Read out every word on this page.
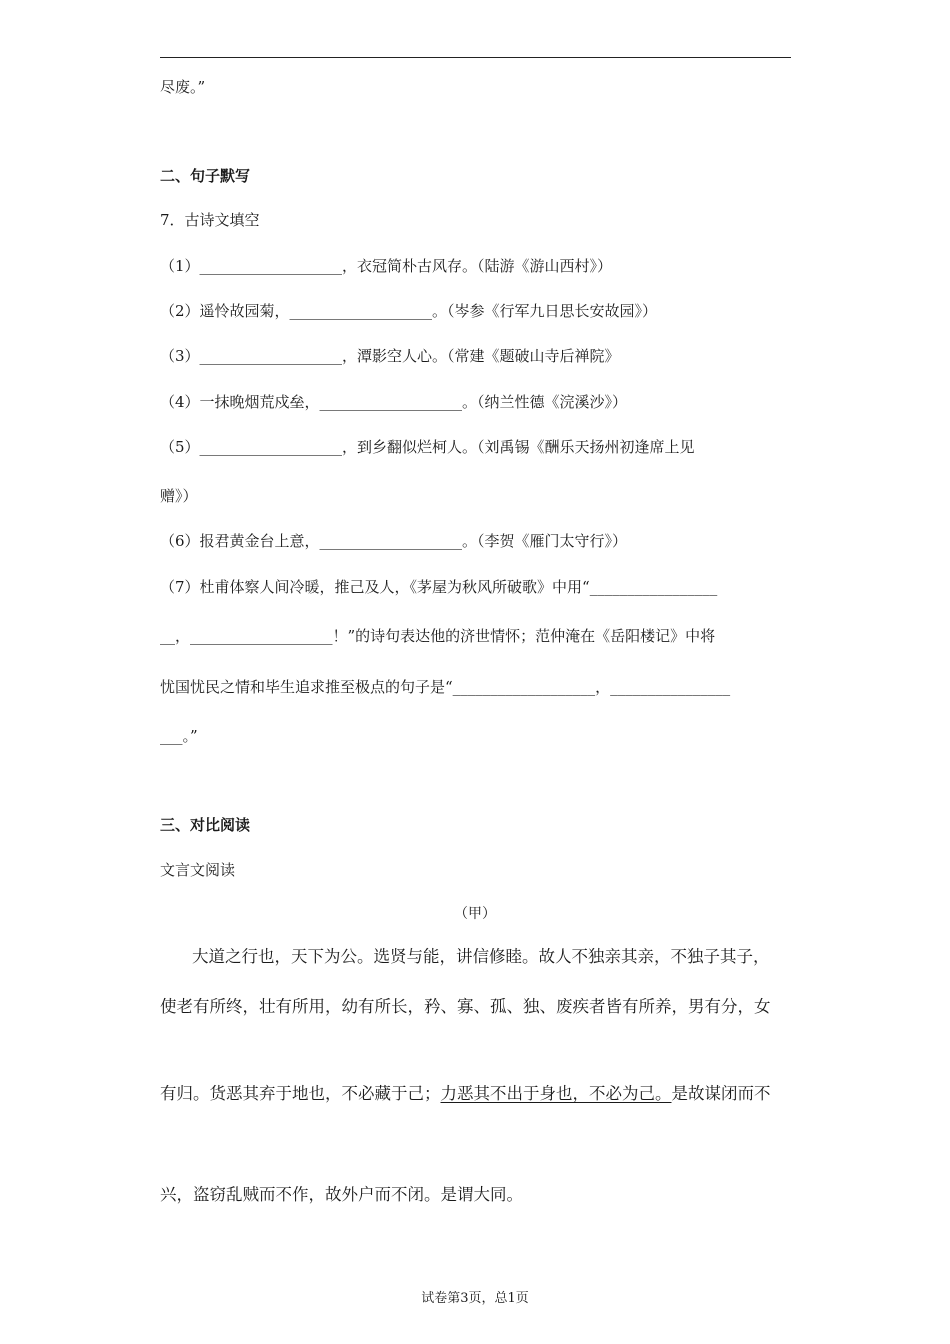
尽废。”
二、句子默写
7．古诗文填空
（1）___________________，衣冠简朴古风存。（陆游《游山西村》）
（2）遥怜故园菊，___________________。（岑参《行军九日思长安故园》）
（3）___________________，潭影空人心。（常建《题破山寺后禅院》
（4）一抹晚烟荒戍垒，___________________。（纳兰性德《浣溪沙》）
（5）___________________，到乡翻似烂柯人。（刘禹锡《酬乐天扬州初逢席上见
赠》）
（6）报君黄金台上意，___________________。（李贺《雁门太守行》）
（7）杜甫体察人间冷暖，推己及人，《茅屋为秋风所破歌》中用“_________________
__，___________________！”的诗句表达他的济世情怀；范仲淹在《岳阳楼记》中将
忧国忧民之情和毕生追求推至极点的句子是“___________________，________________
___。”
三、对比阅读
文言文阅读
（甲）
大道之行也，天下为公。选贤与能，讲信修睦。故人不独亲其亲，不独子其子，
使老有所终，壮有所用，幼有所长，矜、寡、孤、独、废疾者皆有所养，男有分，女
有归。货恶其弃于地也，不必藏于己；力恶其不出于身也，不必为己。是故谋闭而不
兴，盗窃乱贼而不作，故外户而不闭。是谓大同。
试卷第3页，总1页
